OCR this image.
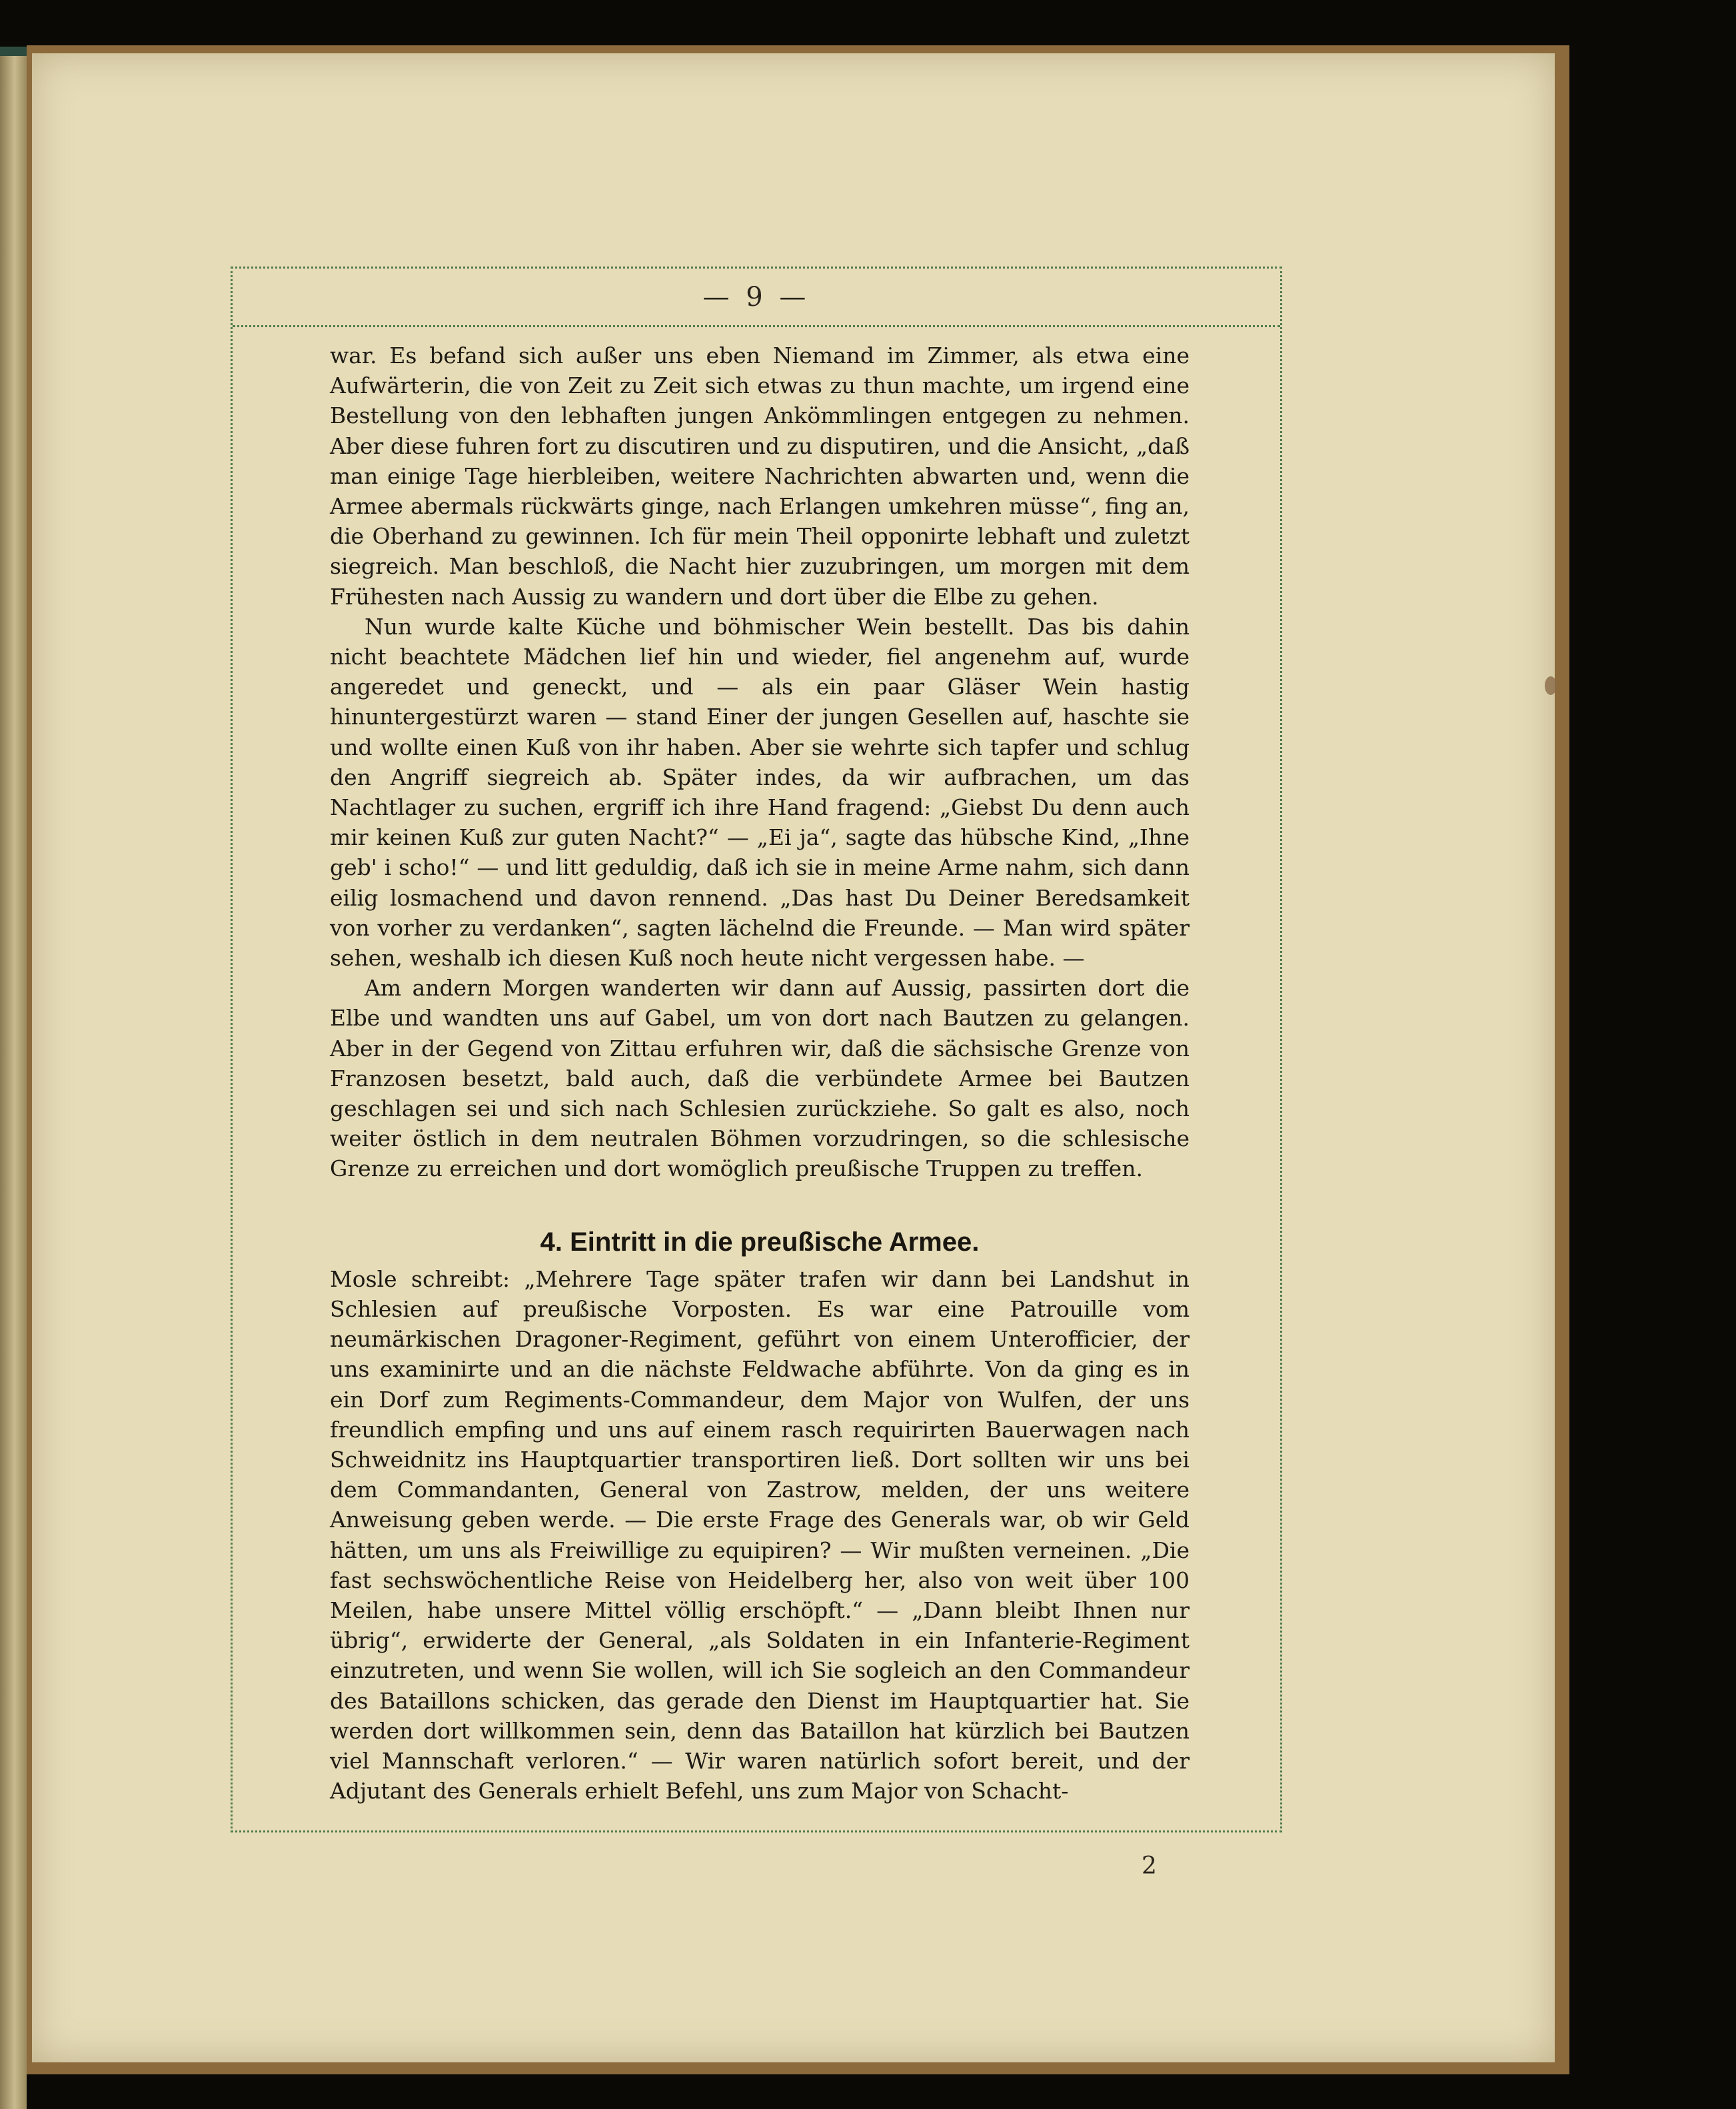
— 9 —

war. Es befand sich außer uns eben Niemand im Zimmer, als etwa eine Aufwärterin, die von Zeit zu Zeit sich etwas zu thun machte, um irgend eine Bestellung von den lebhaften jungen Ankömmlingen entgegen zu nehmen. Aber diese fuhren fort zu discutiren und zu disputiren, und die Ansicht, „daß man einige Tage hierbleiben, weitere Nachrichten abwarten und, wenn die Armee abermals rückwärts ginge, nach Erlangen umkehren müsse“, fing an, die Oberhand zu gewinnen. Ich für mein Theil opponirte lebhaft und zuletzt siegreich. Man beschloß, die Nacht hier zuzubringen, um morgen mit dem Frühesten nach Aussig zu wandern und dort über die Elbe zu gehen.

Nun wurde kalte Küche und böhmischer Wein bestellt. Das bis dahin nicht beachtete Mädchen lief hin und wieder, fiel angenehm auf, wurde angeredet und geneckt, und — als ein paar Gläser Wein hastig hinuntergestürzt waren — stand Einer der jungen Gesellen auf, haschte sie und wollte einen Kuß von ihr haben. Aber sie wehrte sich tapfer und schlug den Angriff siegreich ab. Später indes, da wir aufbrachen, um das Nachtlager zu suchen, ergriff ich ihre Hand fragend: „Giebst Du denn auch mir keinen Kuß zur guten Nacht?“ — „Ei ja“, sagte das hübsche Kind, „Ihne geb' i scho!“ — und litt geduldig, daß ich sie in meine Arme nahm, sich dann eilig losmachend und davon rennend. „Das hast Du Deiner Beredsamkeit von vorher zu verdanken“, sagten lächelnd die Freunde. — Man wird später sehen, weshalb ich diesen Kuß noch heute nicht vergessen habe. —

Am andern Morgen wanderten wir dann auf Aussig, passirten dort die Elbe und wandten uns auf Gabel, um von dort nach Bautzen zu gelangen. Aber in der Gegend von Zittau erfuhren wir, daß die sächsische Grenze von Franzosen besetzt, bald auch, daß die verbündete Armee bei Bautzen geschlagen sei und sich nach Schlesien zurückziehe. So galt es also, noch weiter östlich in dem neutralen Böhmen vorzudringen, so die schlesische Grenze zu erreichen und dort womöglich preußische Truppen zu treffen.

4. Eintritt in die preußische Armee.

Mosle schreibt: „Mehrere Tage später trafen wir dann bei Landshut in Schlesien auf preußische Vorposten. Es war eine Patrouille vom neumärkischen Dragoner-Regiment, geführt von einem Unterofficier, der uns examinirte und an die nächste Feldwache abführte. Von da ging es in ein Dorf zum Regiments-Commandeur, dem Major von Wulfen, der uns freundlich empfing und uns auf einem rasch requirirten Bauerwagen nach Schweidnitz ins Hauptquartier transportiren ließ. Dort sollten wir uns bei dem Commandanten, General von Zastrow, melden, der uns weitere Anweisung geben werde. — Die erste Frage des Generals war, ob wir Geld hätten, um uns als Freiwillige zu equipiren? — Wir mußten verneinen. „Die fast sechswöchentliche Reise von Heidelberg her, also von weit über 100 Meilen, habe unsere Mittel völlig erschöpft.“ — „Dann bleibt Ihnen nur übrig“, erwiderte der General, „als Soldaten in ein Infanterie-Regiment einzutreten, und wenn Sie wollen, will ich Sie sogleich an den Commandeur des Bataillons schicken, das gerade den Dienst im Hauptquartier hat. Sie werden dort willkommen sein, denn das Bataillon hat kürzlich bei Bautzen viel Mannschaft verloren.“ — Wir waren natürlich sofort bereit, und der Adjutant des Generals erhielt Befehl, uns zum Major von Schacht-

2
